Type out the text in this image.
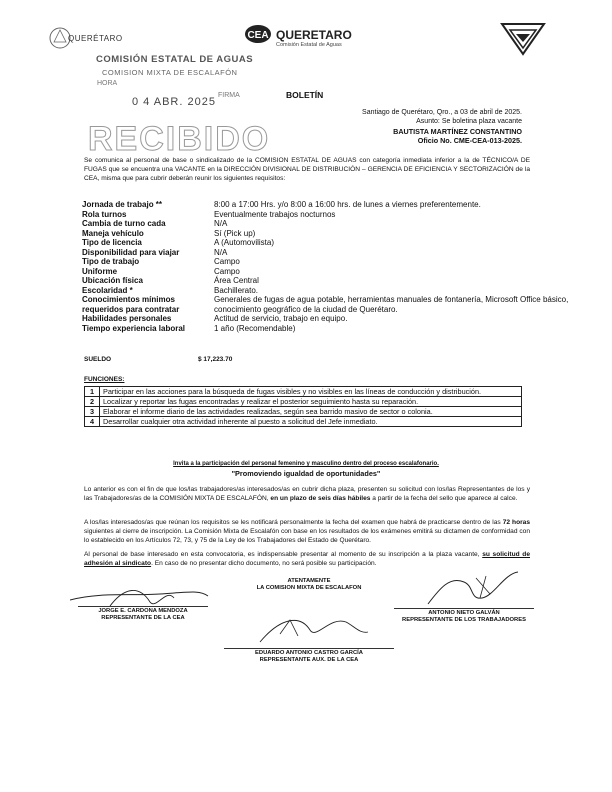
QUERÉTARO	CEA QUERETARO
Comisión Estatal de Aguas
COMISIÓN ESTATAL DE AGUAS
COMISION MIXTA DE ESCALAFÓN
HORA
0 4 ABR. 2025
FIRMA
RECIBIDO
BOLETÍN
Santiago de Querétaro, Qro., a 03 de abril de 2025.
Asunto: Se boletina plaza vacante
BAUTISTA MARTÍNEZ CONSTANTINO
Oficio No. CME-CEA-013-2025.
Se comunica al personal de base o sindicalizado de la COMISION ESTATAL DE AGUAS con categoría inmediata inferior a la de TÉCNICO/A DE FUGAS que se encuentra una VACANTE en la DIRECCIÓN DIVISIONAL DE DISTRIBUCIÓN – GERENCIA DE EFICIENCIA Y SECTORIZACIÓN de la CEA, misma que para cubrir deberán reunir los siguientes requisitos:
Jornada de trabajo **	8:00 a 17:00 Hrs. y/o 8:00 a 16:00 hrs. de lunes a viernes preferentemente.
Rola turnos	Eventualmente trabajos nocturnos
Cambia de turno cada	N/A
Maneja vehículo	Sí (Pick up)
Tipo de licencia	A (Automovilista)
Disponibilidad para viajar	N/A
Tipo de trabajo	Campo
Uniforme	Campo
Ubicación física	Área Central
Escolaridad *	Bachillerato.
Conocimientos mínimos requeridos para contratar	Generales de fugas de agua potable, herramientas manuales de fontanería, Microsoft Office básico, conocimiento geográfico de la ciudad de Querétaro.
Habilidades personales	Actitud de servicio, trabajo en equipo.
Tiempo experiencia laboral	1 año (Recomendable)
SUELDO	$ 17,223.70
FUNCIONES:
1	Participar en las acciones para la búsqueda de fugas visibles y no visibles en las líneas de conducción y distribución.
2	Localizar y reportar las fugas encontradas y realizar el posterior seguimiento hasta su reparación.
3	Elaborar el informe diario de las actividades realizadas, según sea barrido masivo de sector o colonia.
4	Desarrollar cualquier otra actividad inherente al puesto a solicitud del Jefe inmediato.
Invita a la participación del personal femenino y masculino dentro del proceso escalafonario.
"Promoviendo igualdad de oportunidades"
Lo anterior es con el fin de que los/las trabajadores/as interesados/as en cubrir dicha plaza, presenten su solicitud con los/las Representantes de los y las Trabajadores/as de la COMISIÓN MIXTA DE ESCALAFÓN, en un plazo de seis días hábiles a partir de la fecha del sello que aparece al calce.
A los/las interesados/as que reúnan los requisitos se les notificará personalmente la fecha del examen que habrá de practicarse dentro de las 72 horas siguientes al cierre de inscripción. La Comisión Mixta de Escalafón con base en los resultados de los exámenes emitirá su dictamen de conformidad con lo establecido en los Artículos 72, 73, y 75 de la Ley de los Trabajadores del Estado de Querétaro.
Al personal de base interesado en esta convocatoria, es indispensable presentar al momento de su inscripción a la plaza vacante, su solicitud de adhesión al sindicato. En caso de no presentar dicho documento, no será posible su participación.
ATENTAMENTE
LA COMISION MIXTA DE ESCALAFON
JORGE E. CARDONA MENDOZA
REPRESENTANTE DE LA CEA
EDUARDO ANTONIO CASTRO GARCÍA
REPRESENTANTE AUX. DE LA CEA
ANTONIO NIETO GALVÁN
REPRESENTANTE DE LOS TRABAJADORES
